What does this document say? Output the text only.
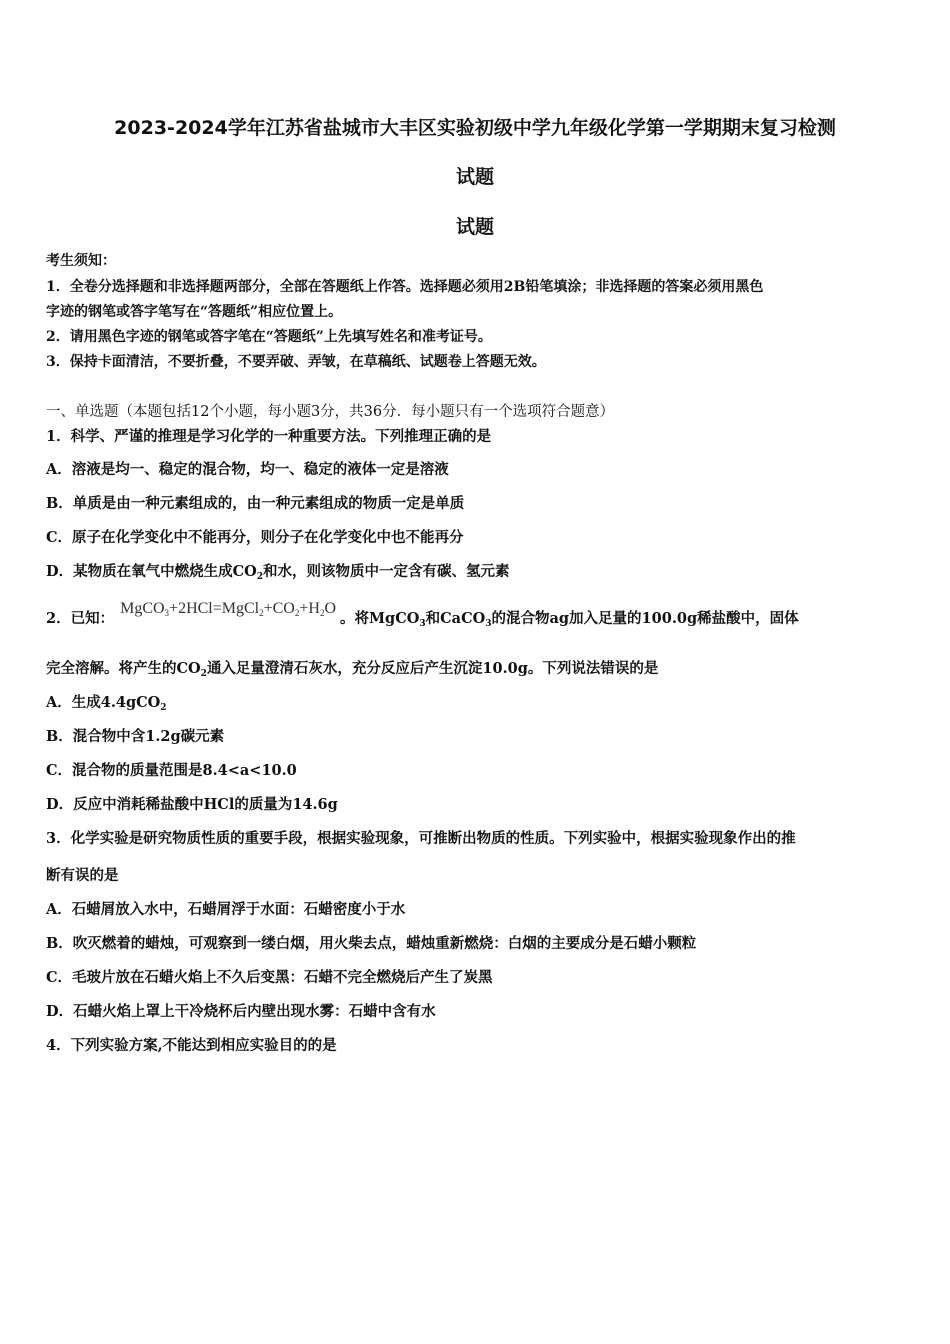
2023-2024学年江苏省盐城市大丰区实验初级中学九年级化学第一学期期末复习检测
试题
试题
考生须知：
1．全卷分选择题和非选择题两部分，全部在答题纸上作答。选择题必须用2B铅笔填涂；非选择题的答案必须用黑色
字迹的钢笔或答字笔写在“答题纸”相应位置上。
2．请用黑色字迹的钢笔或答字笔在“答题纸”上先填写姓名和准考证号。
3．保持卡面清洁，不要折叠，不要弄破、弄皱，在草稿纸、试题卷上答题无效。
一、单选题（本题包括12个小题，每小题3分，共36分．每小题只有一个选项符合题意）
1．科学、严谨的推理是学习化学的一种重要方法。下列推理正确的是
A．溶液是均一、稳定的混合物，均一、稳定的液体一定是溶液
B．单质是由一种元素组成的，由一种元素组成的物质一定是单质
C．原子在化学变化中不能再分，则分子在化学变化中也不能再分
D．某物质在氧气中燃烧生成$CO_2$和水，则该物质中一定含有碳、氢元素
2．已知：$MgCO_3+2HCl=MgCl_2+CO_2+H_2O$。将MgCO$_3$和CaCO$_3$的混合物ag加入足量的100.0g稀盐酸中，固体
完全溶解。将产生的$CO_2$通入足量澄清石灰水，充分反应后产生沉淀10.0g。下列说法错误的是
A．生成4.4gCO$_2$
B．混合物中含1.2g碳元素
C．混合物的质量范围是8.4<a<10.0
D．反应中消耗稀盐酸中HCl的质量为14.6g
3．化学实验是研究物质性质的重要手段，根据实验现象，可推断出物质的性质。下列实验中，根据实验现象作出的推
断有误的是
A．石蜡屑放入水中，石蜡屑浮于水面：石蜡密度小于水
B．吹灭燃着的蜡烛，可观察到一缕白烟，用火柴去点，蜡烛重新燃烧：白烟的主要成分是石蜡小颗粒
C．毛玻片放在石蜡火焰上不久后变黑：石蜡不完全燃烧后产生了炭黑
D．石蜡火焰上罩上干冷烧杯后内壁出现水雾：石蜡中含有水
4．下列实验方案,不能达到相应实验目的的是
